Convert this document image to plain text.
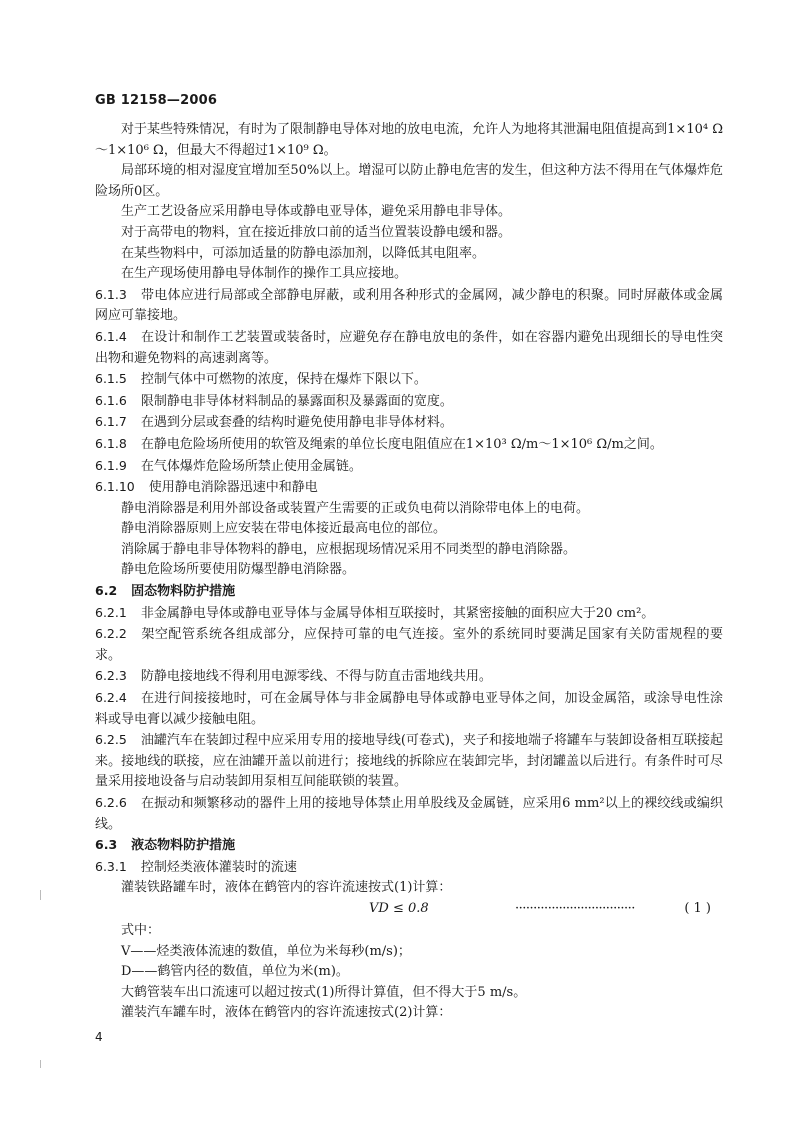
GB 12158—2006

对于某些特殊情况，有时为了限制静电导体对地的放电电流，允许人为地将其泄漏电阻值提高到1×10⁴ Ω～1×10⁶ Ω，但最大不得超过1×10⁹ Ω。

局部环境的相对湿度宜增加至50%以上。增湿可以防止静电危害的发生，但这种方法不得用在气体爆炸危险场所0区。

生产工艺设备应采用静电导体或静电亚导体，避免采用静电非导体。

对于高带电的物料，宜在接近排放口前的适当位置装设静电缓和器。

在某些物料中，可添加适量的防静电添加剂，以降低其电阻率。

在生产现场使用静电导体制作的操作工具应接地。

6.1.3 带电体应进行局部或全部静电屏蔽，或利用各种形式的金属网，减少静电的积聚。同时屏蔽体或金属网应可靠接地。

6.1.4 在设计和制作工艺装置或装备时，应避免存在静电放电的条件，如在容器内避免出现细长的导电性突出物和避免物料的高速剥离等。

6.1.5 控制气体中可燃物的浓度，保持在爆炸下限以下。

6.1.6 限制静电非导体材料制品的暴露面积及暴露面的宽度。

6.1.7 在遇到分层或套叠的结构时避免使用静电非导体材料。

6.1.8 在静电危险场所使用的软管及绳索的单位长度电阻值应在1×10³ Ω/m～1×10⁶ Ω/m之间。

6.1.9 在气体爆炸危险场所禁止使用金属链。

6.1.10 使用静电消除器迅速中和静电

静电消除器是利用外部设备或装置产生需要的正或负电荷以消除带电体上的电荷。

静电消除器原则上应安装在带电体接近最高电位的部位。

消除属于静电非导体物料的静电，应根据现场情况采用不同类型的静电消除器。

静电危险场所要使用防爆型静电消除器。

6.2 固态物料防护措施

6.2.1 非金属静电导体或静电亚导体与金属导体相互联接时，其紧密接触的面积应大于20 cm²。

6.2.2 架空配管系统各组成部分，应保持可靠的电气连接。室外的系统同时要满足国家有关防雷规程的要求。

6.2.3 防静电接地线不得利用电源零线、不得与防直击雷地线共用。

6.2.4 在进行间接接地时，可在金属导体与非金属静电导体或静电亚导体之间，加设金属箔，或涂导电性涂料或导电膏以减少接触电阻。

6.2.5 油罐汽车在装卸过程中应采用专用的接地导线(可卷式)，夹子和接地端子将罐车与装卸设备相互联接起来。接地线的联接，应在油罐开盖以前进行；接地线的拆除应在装卸完毕，封闭罐盖以后进行。有条件时可尽量采用接地设备与启动装卸用泵相互间能联锁的装置。

6.2.6 在振动和频繁移动的器件上用的接地导体禁止用单股线及金属链，应采用6 mm²以上的裸绞线或编织线。

6.3 液态物料防护措施

6.3.1 控制烃类液体灌装时的流速

灌装铁路罐车时，液体在鹤管内的容许流速按式(1)计算：

VD ≤ 0.8	·································	( 1 )

式中：

V——烃类液体流速的数值，单位为米每秒(m/s)；

D——鹤管内径的数值，单位为米(m)。

大鹤管装车出口流速可以超过按式(1)所得计算值，但不得大于5 m/s。

灌装汽车罐车时，液体在鹤管内的容许流速按式(2)计算：

4
